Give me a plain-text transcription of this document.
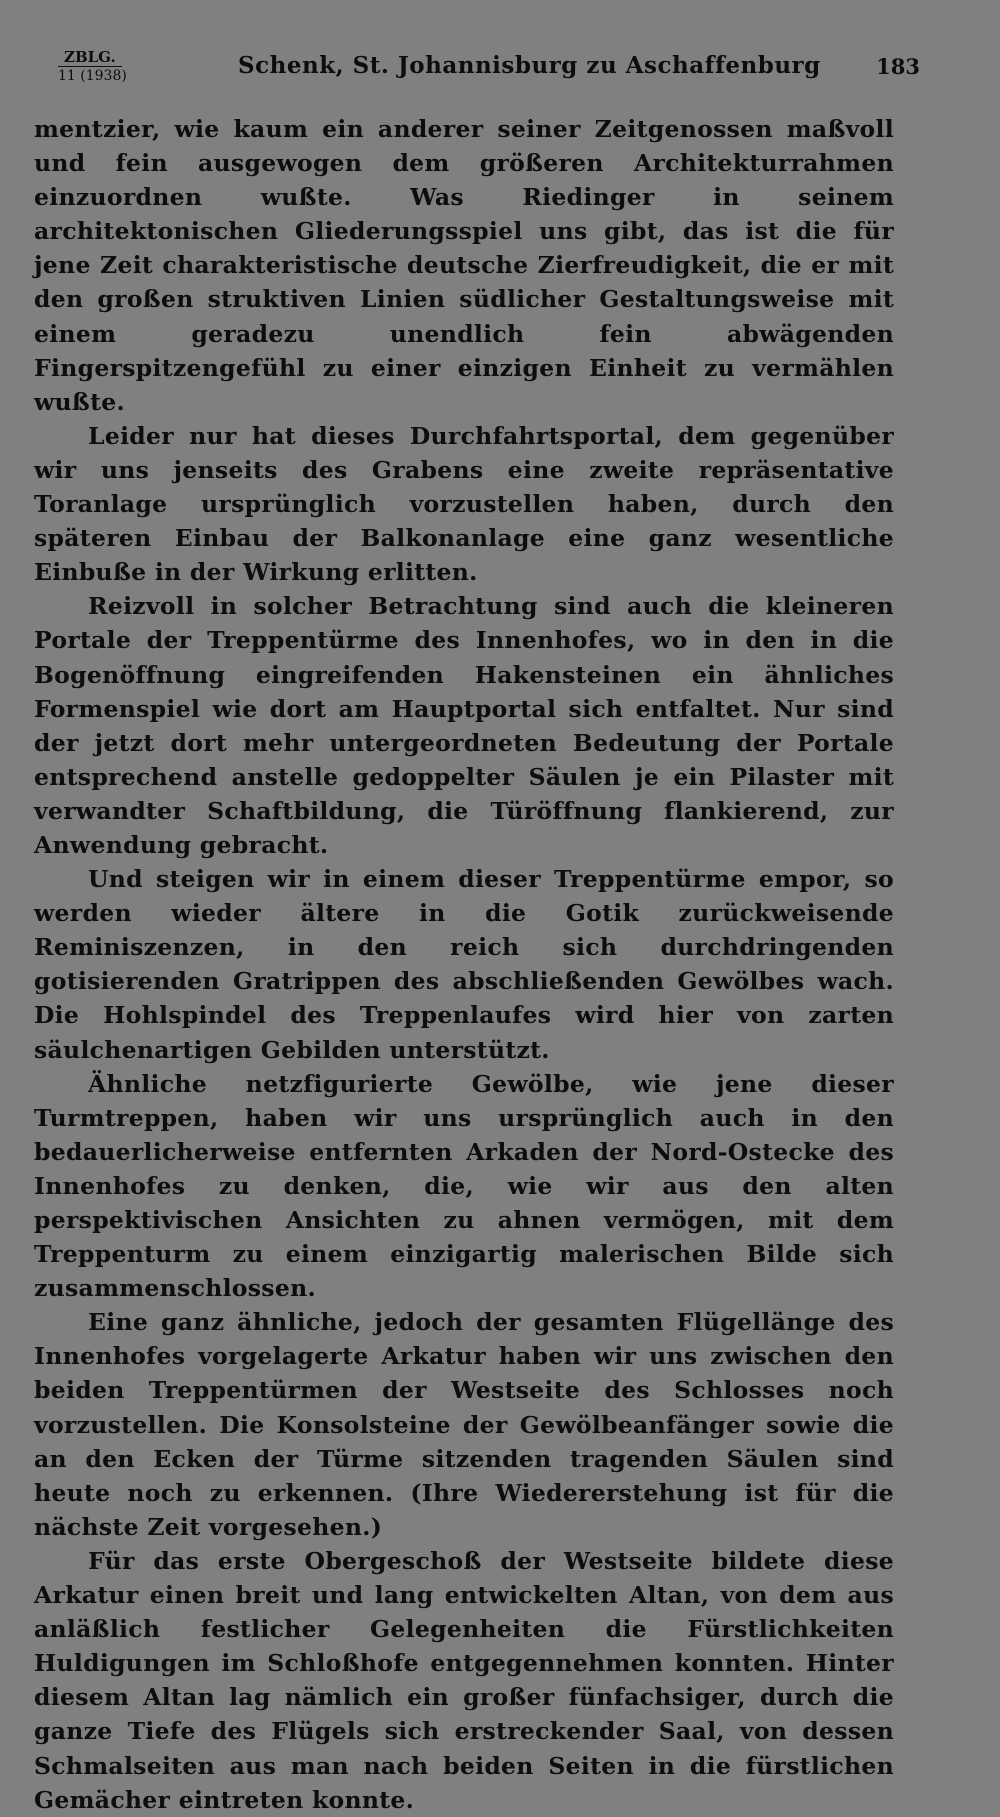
ZBLG.
11 (1938)	Schenk, St. Johannisburg zu Aschaffenburg	183

mentzier, wie kaum ein anderer seiner Zeitgenossen maßvoll und fein ausgewogen dem größeren Architekturrahmen einzuordnen wußte. Was Riedinger in seinem architektonischen Gliederungsspiel uns gibt, das ist die für jene Zeit charakteristische deutsche Zierfreudigkeit, die er mit den großen struktiven Linien südlicher Gestaltungsweise mit einem geradezu unendlich fein abwägenden Fingerspitzengefühl zu einer einzigen Einheit zu vermählen wußte.

Leider nur hat dieses Durchfahrtsportal, dem gegenüber wir uns jenseits des Grabens eine zweite repräsentative Toranlage ursprünglich vorzustellen haben, durch den späteren Einbau der Balkonanlage eine ganz wesentliche Einbuße in der Wirkung erlitten.

Reizvoll in solcher Betrachtung sind auch die kleineren Portale der Treppentürme des Innenhofes, wo in den in die Bogenöffnung eingreifenden Hakensteinen ein ähnliches Formenspiel wie dort am Hauptportal sich entfaltet. Nur sind der jetzt dort mehr untergeordneten Bedeutung der Portale entsprechend anstelle gedoppelter Säulen je ein Pilaster mit verwandter Schaftbildung, die Türöffnung flankierend, zur Anwendung gebracht.

Und steigen wir in einem dieser Treppentürme empor, so werden wieder ältere in die Gotik zurückweisende Reminiszenzen, in den reich sich durchdringenden gotisierenden Gratrippen des abschließenden Gewölbes wach. Die Hohlspindel des Treppenlaufes wird hier von zarten säulchenartigen Gebilden unterstützt.

Ähnliche netzfigurierte Gewölbe, wie jene dieser Turmtreppen, haben wir uns ursprünglich auch in den bedauerlicherweise entfernten Arkaden der Nord-Ostecke des Innenhofes zu denken, die, wie wir aus den alten perspektivischen Ansichten zu ahnen vermögen, mit dem Treppenturm zu einem einzigartig malerischen Bilde sich zusammenschlossen.

Eine ganz ähnliche, jedoch der gesamten Flügellänge des Innenhofes vorgelagerte Arkatur haben wir uns zwischen den beiden Treppentürmen der Westseite des Schlosses noch vorzustellen. Die Konsolsteine der Gewölbeanfänger sowie die an den Ecken der Türme sitzenden tragenden Säulen sind heute noch zu erkennen. (Ihre Wiedererstehung ist für die nächste Zeit vorgesehen.)

Für das erste Obergeschoß der Westseite bildete diese Arkatur einen breit und lang entwickelten Altan, von dem aus anläßlich festlicher Gelegenheiten die Fürstlichkeiten Huldigungen im Schloßhofe entgegennehmen konnten. Hinter diesem Altan lag nämlich ein großer fünfachsiger, durch die ganze Tiefe des Flügels sich erstreckender Saal, von dessen Schmalseiten aus man nach beiden Seiten in die fürstlichen Gemächer eintreten konnte.
